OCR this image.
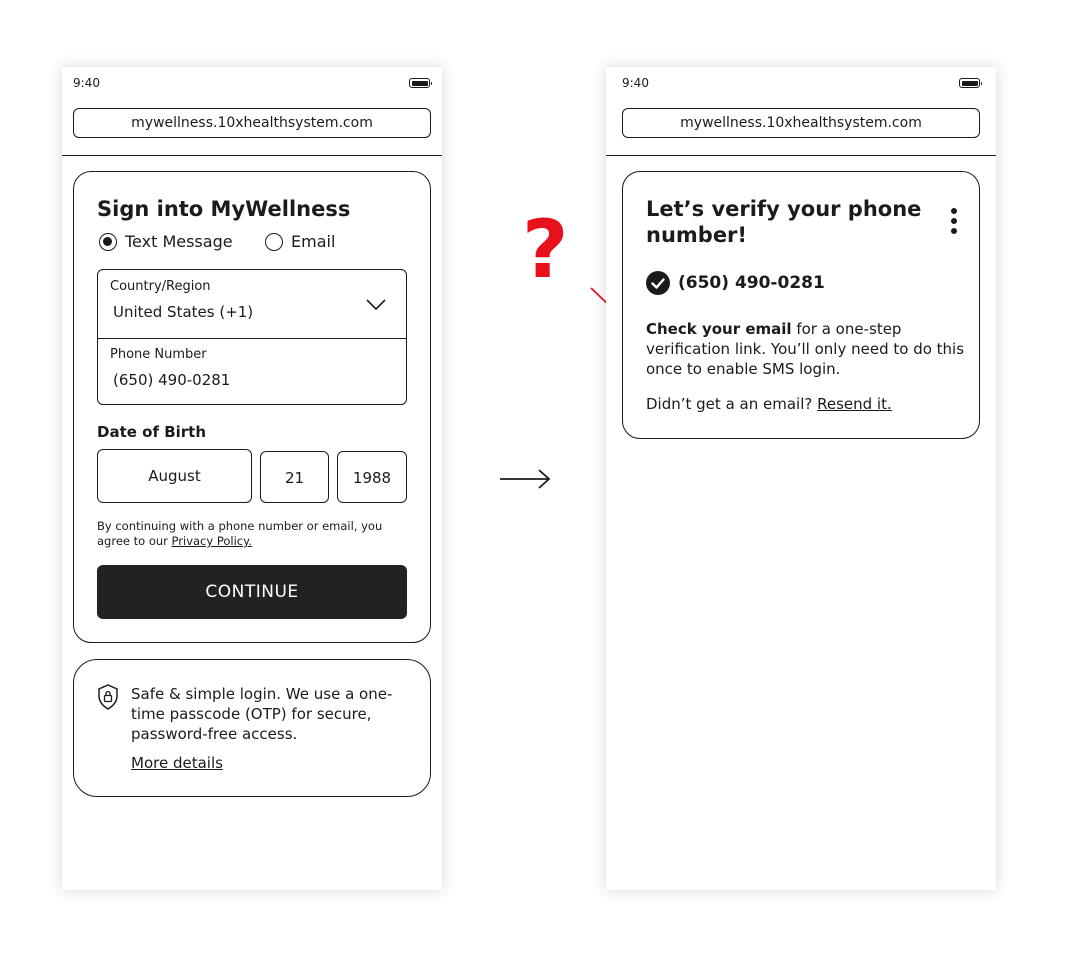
9:40
mywellness.10xhealthsystem.com
Sign into MyWellness
Text Message	Email
Country/Region
United States (+1)
Phone Number
(650) 490-0281
Date of Birth
August	21	1988
By continuing with a phone number or email, you agree to our Privacy Policy.
CONTINUE
Safe & simple login. We use a one-time passcode (OTP) for secure, password-free access.
More details
?
9:40
mywellness.10xhealthsystem.com
Let’s verify your phone number!
(650) 490-0281
Check your email for a one-step verification link. You’ll only need to do this once to enable SMS login.
Didn’t get a an email? Resend it.
